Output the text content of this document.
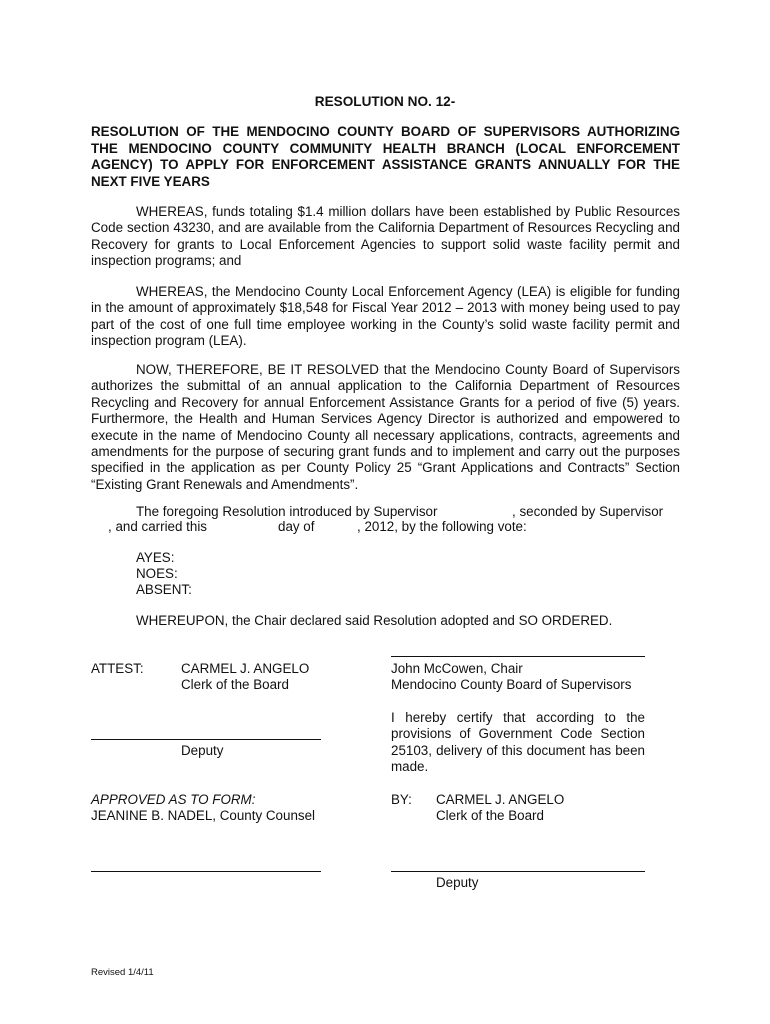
RESOLUTION NO. 12-
RESOLUTION OF THE MENDOCINO COUNTY BOARD OF SUPERVISORS AUTHORIZING THE MENDOCINO COUNTY COMMUNITY HEALTH BRANCH (LOCAL ENFORCEMENT AGENCY) TO APPLY FOR ENFORCEMENT ASSISTANCE GRANTS ANNUALLY FOR THE NEXT FIVE YEARS

WHEREAS, funds totaling $1.4 million dollars have been established by Public Resources Code section 43230, and are available from the California Department of Resources Recycling and Recovery for grants to Local Enforcement Agencies to support solid waste facility permit and inspection programs; and

WHEREAS, the Mendocino County Local Enforcement Agency (LEA) is eligible for funding in the amount of approximately $18,548 for Fiscal Year 2012 – 2013 with money being used to pay part of the cost of one full time employee working in the County’s solid waste facility permit and inspection program (LEA).

NOW, THEREFORE, BE IT RESOLVED that the Mendocino County Board of Supervisors authorizes the submittal of an annual application to the California Department of Resources Recycling and Recovery for annual Enforcement Assistance Grants for a period of five (5) years. Furthermore, the Health and Human Services Agency Director is authorized and empowered to execute in the name of Mendocino County all necessary applications, contracts, agreements and amendments for the purpose of securing grant funds and to implement and carry out the purposes specified in the application as per County Policy 25 “Grant Applications and Contracts” Section “Existing Grant Renewals and Amendments”.

The foregoing Resolution introduced by Supervisor	, seconded by Supervisor
, and carried this	day of	, 2012, by the following vote:
AYES:
NOES:
ABSENT:
WHEREUPON, the Chair declared said Resolution adopted and SO ORDERED.
ATTEST:	CARMEL J. ANGELO
Clerk of the Board
John McCowen, Chair
Mendocino County Board of Supervisors
Deputy
I hereby certify that according to the provisions of Government Code Section 25103, delivery of this document has been made.
APPROVED AS TO FORM:
JEANINE B. NADEL, County Counsel
BY: CARMEL J. ANGELO
Clerk of the Board
Deputy
Revised 1/4/11
